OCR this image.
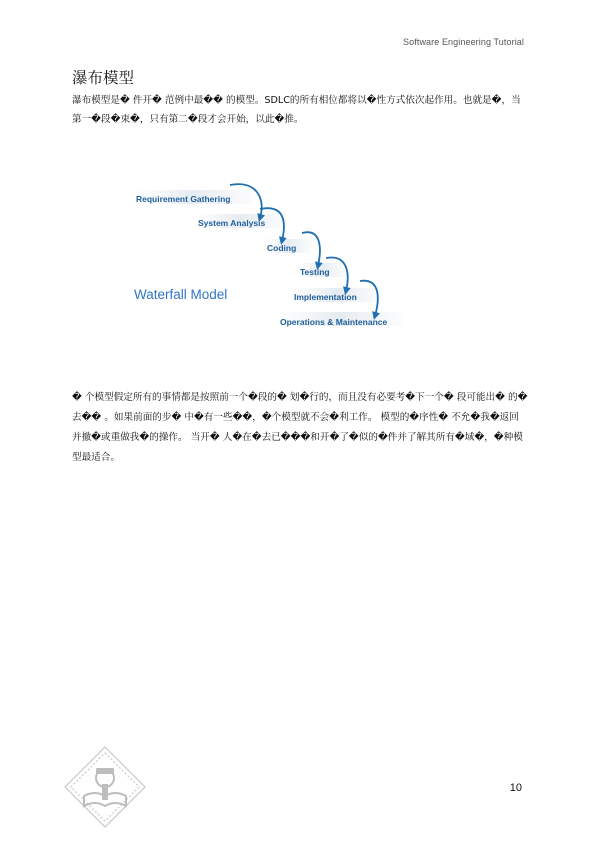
Software Engineering Tutorial
瀑布模型

瀑布模型是� 件开� 范例中最�� 的模型。SDLC的所有相位都将以�性方式依次起作用。也就是�，当第一�段�束�，只有第二�段才会开始，以此�推。

Requirement Gathering
System Analysis
Coding
Testing
Implementation
Operations & Maintenance
Waterfall Model

� 个模型假定所有的事情都是按照前一个�段的� 划�行的，而且没有必要考�下一个� 段可能出� 的�去�� 。如果前面的步� 中�有一些��，�个模型就不会�利工作。 模型的�序性� 不允�我�返回并撤�或重做我�的操作。 当开� 人�在�去已���和开�了�似的�件并了解其所有�域�，�种模型最适合。

10
